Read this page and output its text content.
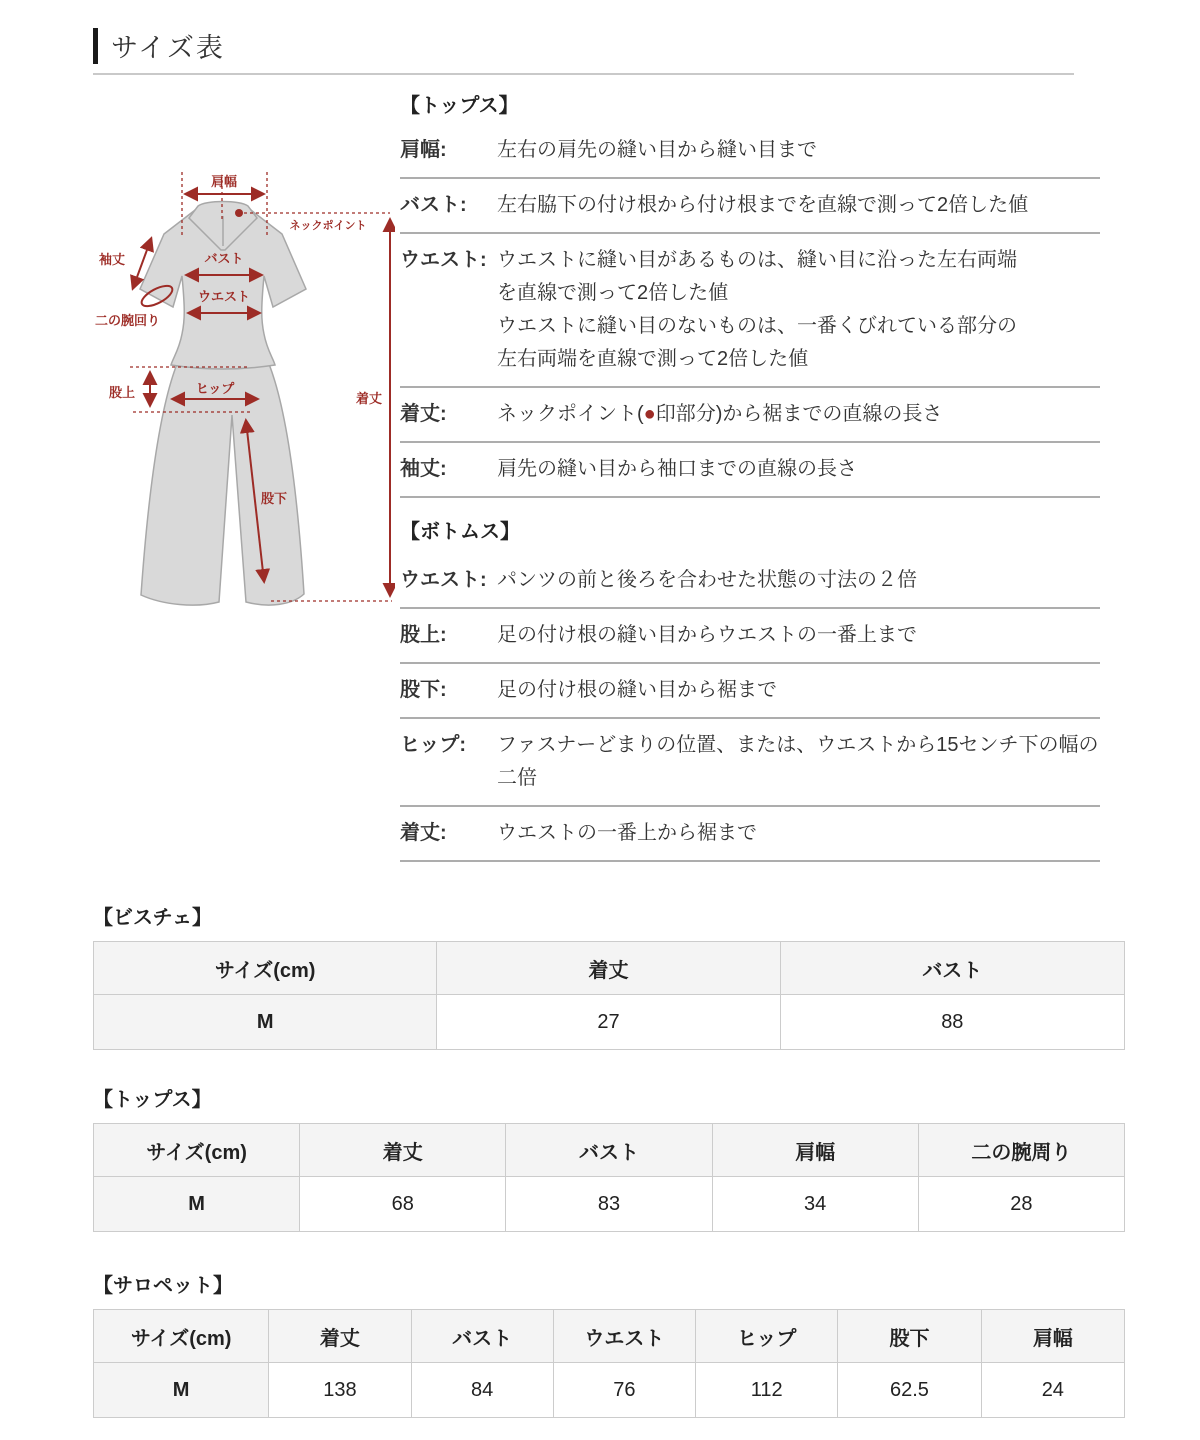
サイズ表
肩幅
ネックポイント
袖丈	バスト
ウエスト
二の腕回り
股上	ヒップ
股下
着丈
【トップス】
肩幅:	左右の肩先の縫い目から縫い目まで
バスト:	左右脇下の付け根から付け根までを直線で測って2倍した値
ウエスト: ウエストに縫い目があるものは、縫い目に沿った左右両端
を直線で測って2倍した値
ウエストに縫い目のないものは、一番くびれている部分の
左右両端を直線で測って2倍した値
着丈:	ネックポイント(●印部分)から裾までの直線の長さ
袖丈:	肩先の縫い目から袖口までの直線の長さ
【ボトムス】
ウエスト: パンツの前と後ろを合わせた状態の寸法の２倍
股上:	足の付け根の縫い目からウエストの一番上まで
股下:	足の付け根の縫い目から裾まで
ヒップ:	ファスナーどまりの位置、または、ウエストから15センチ下の幅の
二倍
着丈:	ウエストの一番上から裾まで
【ビスチェ】
サイズ(cm)	着丈	バスト
M	27	88
【トップス】
サイズ(cm)	着丈	バスト	肩幅	二の腕周り
M	68	83	34	28
【サロペット】
サイズ(cm)	着丈	バスト	ウエスト	ヒップ	股下	肩幅
M	138	84	76	112	62.5	24
